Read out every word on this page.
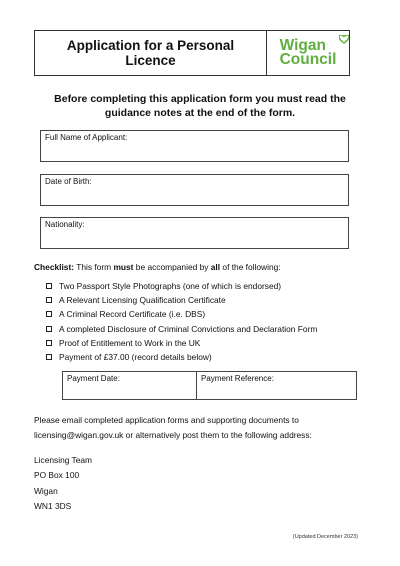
Application for a Personal Licence
Wigan
Council
Before completing this application form you must read the guidance notes at the end of the form.
Full Name of Applicant:
Date of Birth:
Nationality:
Checklist: This form must be accompanied by all of the following:
Two Passport Style Photographs (one of which is endorsed)
A Relevant Licensing Qualification Certificate
A Criminal Record Certificate (i.e. DBS)
A completed Disclosure of Criminal Convictions and Declaration Form
Proof of Entitlement to Work in the UK
Payment of £37.00 (record details below)
Payment Date:	Payment Reference:
Please email completed application forms and supporting documents to
licensing@wigan.gov.uk or alternatively post them to the following address:
Licensing Team
PO Box 100
Wigan
WN1 3DS
(Updated December 2023)
